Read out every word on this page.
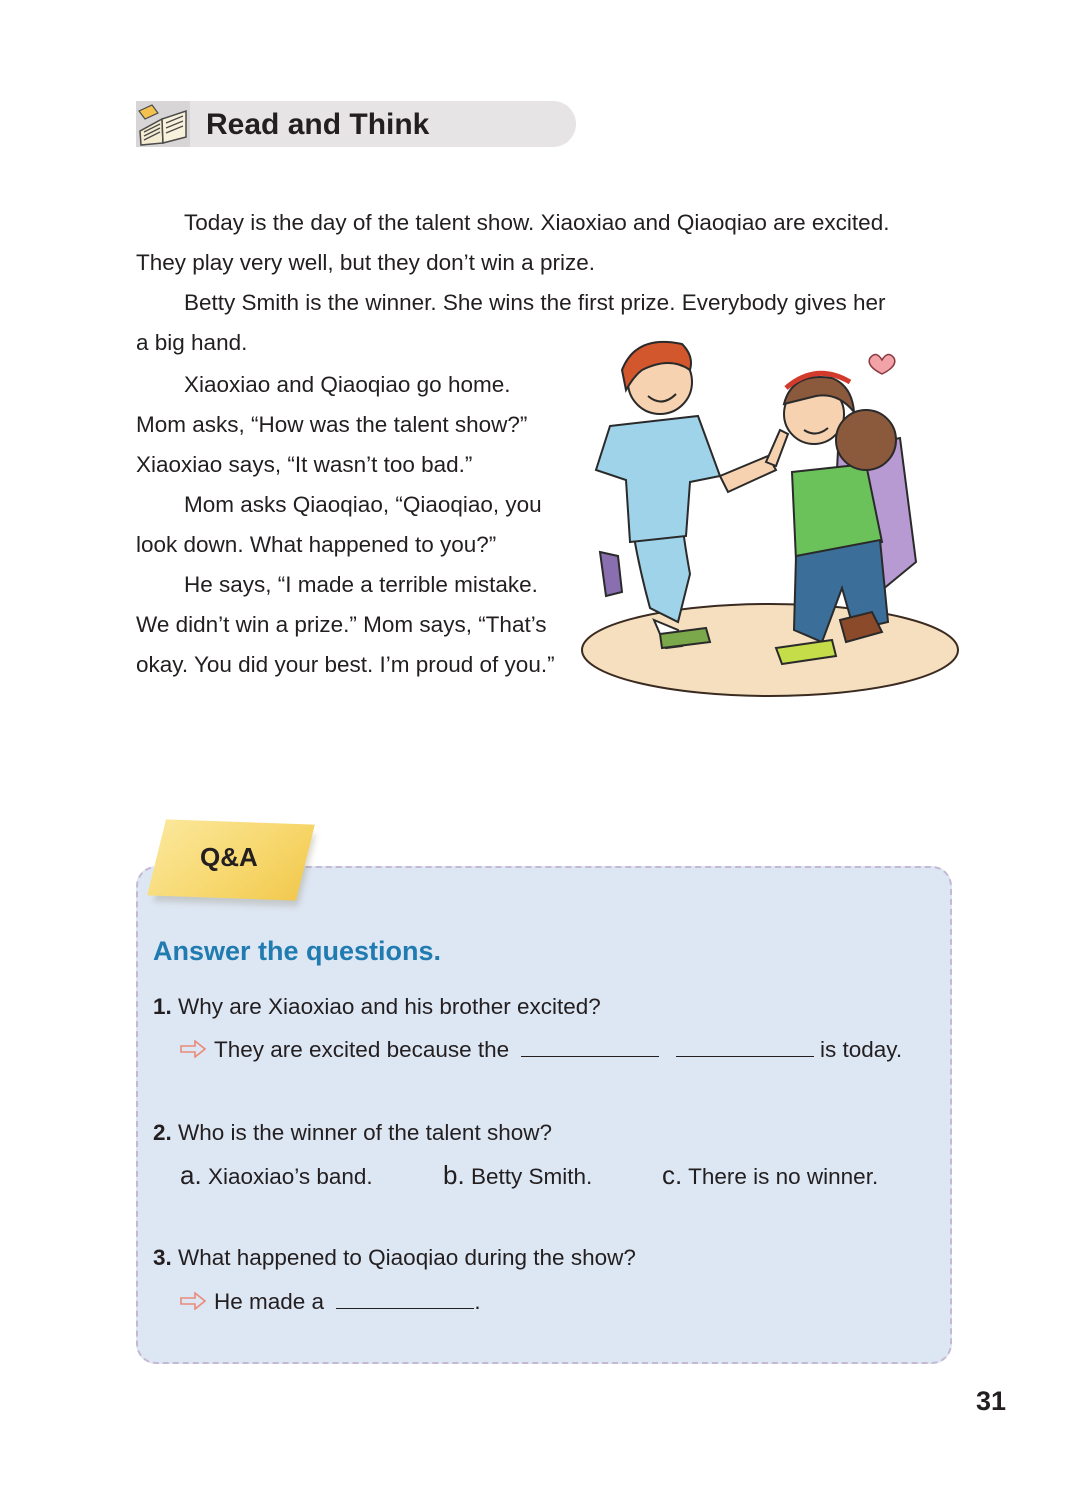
Read and Think
Today is the day of the talent show. Xiaoxiao and Qiaoqiao are excited.
They play very well, but they don’t win a prize.
Betty Smith is the winner. She wins the first prize. Everybody gives her
a big hand.
Xiaoxiao and Qiaoqiao go home.
Mom asks, “How was the talent show?”
Xiaoxiao says, “It wasn’t too bad.”
Mom asks Qiaoqiao, “Qiaoqiao, you
look down. What happened to you?”
He says, “I made a terrible mistake.
We didn’t win a prize.” Mom says, “That’s
okay. You did your best. I’m proud of you.”
Q&A
Answer the questions.
1. Why are Xiaoxiao and his brother excited?
They are excited because the	is today.
2. Who is the winner of the talent show?
a. Xiaoxiao’s band.	b. Betty Smith.	c. There is no winner.
3. What happened to Qiaoqiao during the show?
He made a	.
31
